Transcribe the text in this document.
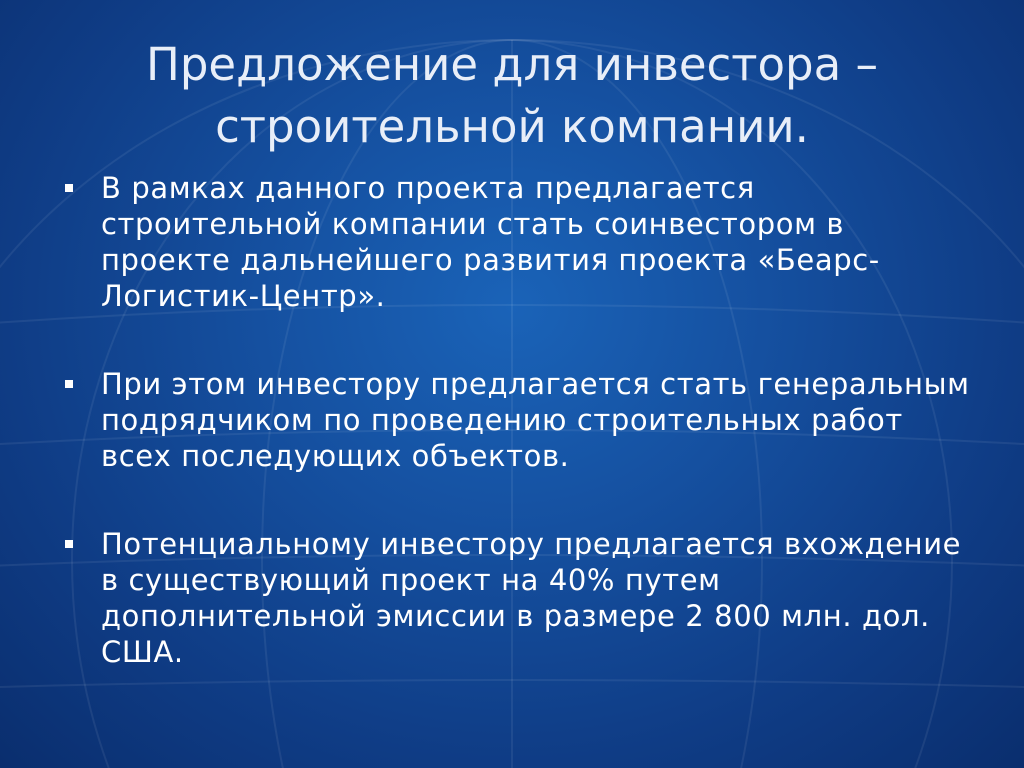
Предложение для инвестора – строительной компании.
В рамках данного проекта предлагается строительной компании стать соинвестором в проекте дальнейшего развития проекта «Беарс-Логистик-Центр».
При этом инвестору предлагается стать генеральным подрядчиком по проведению строительных работ всех последующих объектов.
Потенциальному инвестору предлагается вхождение в существующий проект на 40% путем дополнительной эмиссии в размере 2 800 млн. дол. США.
